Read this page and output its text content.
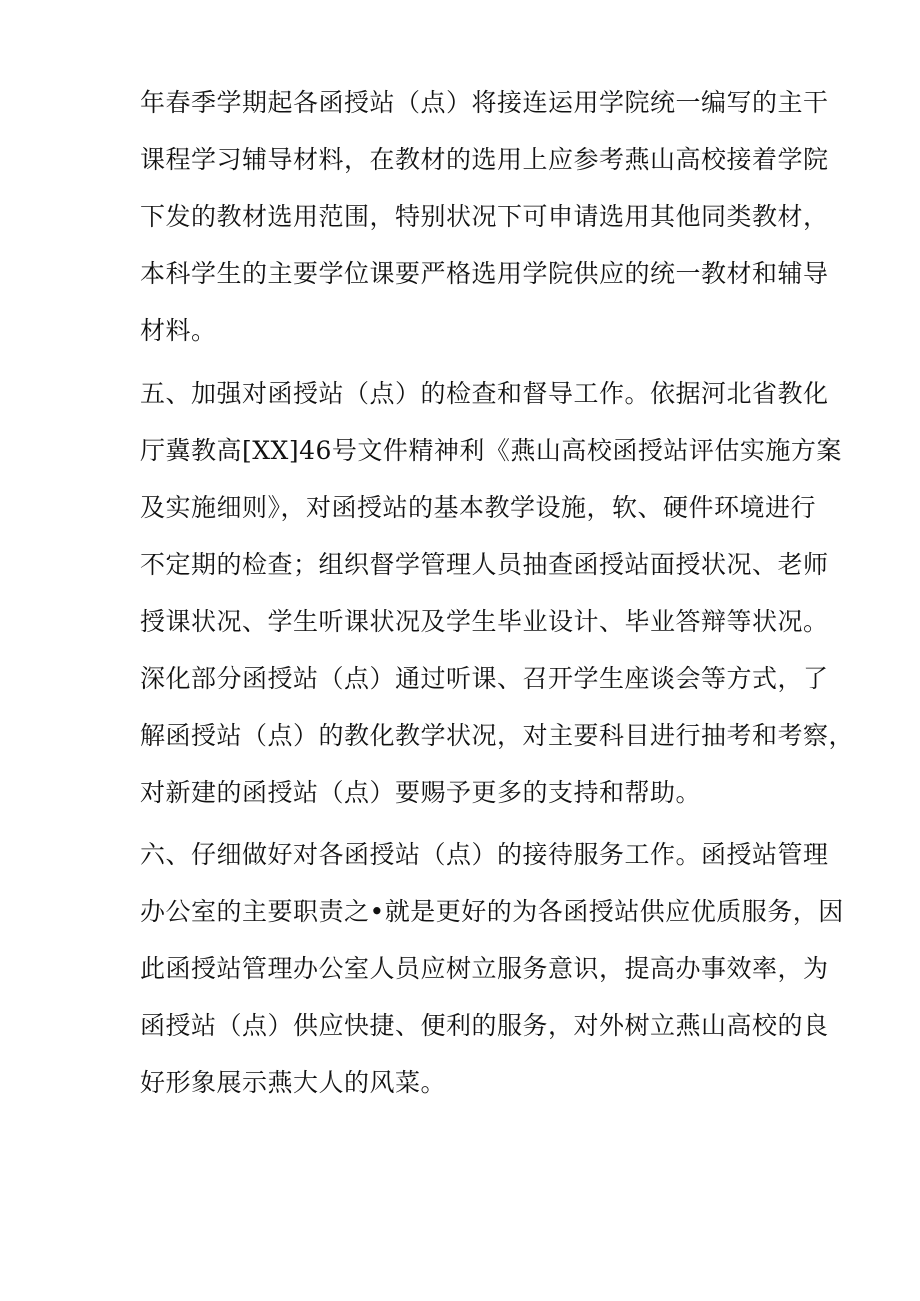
年春季学期起各函授站（点）将接连运用学院统一编写的主干
课程学习辅导材料，在教材的选用上应参考燕山高校接着学院
下发的教材选用范围，特别状况下可申请选用其他同类教材，
本科学生的主要学位课要严格选用学院供应的统一教材和辅导
材料。
五、加强对函授站（点）的检查和督导工作。依据河北省教化
厅冀教高[XX]46号文件精神利《燕山高校函授站评估实施方案
及实施细则》，对函授站的基本教学设施，软、硬件环境进行
不定期的检查；组织督学管理人员抽查函授站面授状况、老师
授课状况、学生听课状况及学生毕业设计、毕业答辩等状况。
深化部分函授站（点）通过听课、召开学生座谈会等方式，了
解函授站（点）的教化教学状况，对主要科目进行抽考和考察，
对新建的函授站（点）要赐予更多的支持和帮助。
六、仔细做好对各函授站（点）的接待服务工作。函授站管理
办公室的主要职责之•就是更好的为各函授站供应优质服务，因
此函授站管理办公室人员应树立服务意识，提高办事效率，为
函授站（点）供应快捷、便利的服务，对外树立燕山高校的良
好形象展示燕大人的风菜。
